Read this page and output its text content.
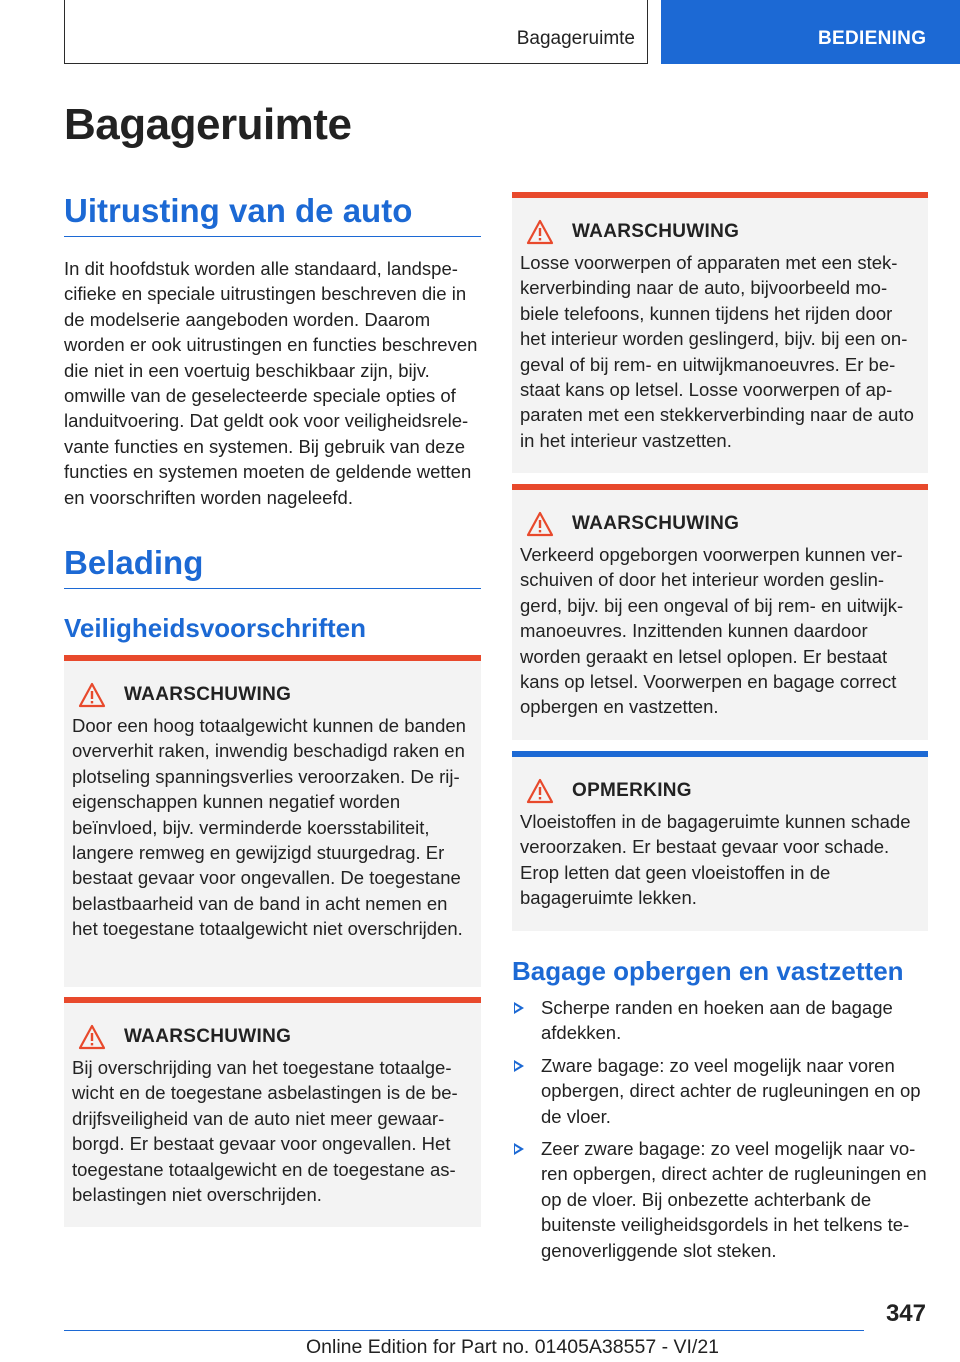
Bagageruimte	BEDIENING
Bagageruimte
Uitrusting van de auto

In dit hoofdstuk worden alle standaard, landspecifieke en speciale uitrustingen beschreven die in de modelserie aangeboden worden. Daarom worden er ook uitrustingen en functies beschreven die niet in een voertuig beschikbaar zijn, bijv. omwille van de geselecteerde speciale opties of landuitvoering. Dat geldt ook voor veiligheidsrelevante functies en systemen. Bij gebruik van deze functies en systemen moeten de geldende wetten en voorschriften worden nageleefd.

Belading
Veiligheidsvoorschriften
WAARSCHUWING

Door een hoog totaalgewicht kunnen de banden oververhit raken, inwendig beschadigd raken en plotseling spanningsverlies veroorzaken. De rij-eigenschappen kunnen negatief worden beïnvloed, bijv. verminderde koersstabiliteit, langere remweg en gewijzigd stuurgedrag. Er bestaat gevaar voor ongevallen. De toegestane belastbaarheid van de band in acht nemen en het toegestane totaalgewicht niet overschrijden.

WAARSCHUWING

Bij overschrijding van het toegestane totaalgewicht en de toegestane asbelastingen is de bedrijfsveiligheid van de auto niet meer gewaarborgd. Er bestaat gevaar voor ongevallen. Het toegestane totaalgewicht en de toegestane asbelastingen niet overschrijden.

WAARSCHUWING

Losse voorwerpen of apparaten met een stekkerverbinding naar de auto, bijvoorbeeld mobiele telefoons, kunnen tijdens het rijden door het interieur worden geslingerd, bijv. bij een ongeval of bij rem- en uitwijkmanoeuvres. Er bestaat kans op letsel. Losse voorwerpen of apparaten met een stekkerverbinding naar de auto in het interieur vastzetten.

WAARSCHUWING

Verkeerd opgeborgen voorwerpen kunnen verschuiven of door het interieur worden geslingerd, bijv. bij een ongeval of bij rem- en uitwijkmanoeuvres. Inzittenden kunnen daardoor worden geraakt en letsel oplopen. Er bestaat kans op letsel. Voorwerpen en bagage correct opbergen en vastzetten.

OPMERKING

Vloeistoffen in de bagageruimte kunnen schade veroorzaken. Er bestaat gevaar voor schade. Erop letten dat geen vloeistoffen in de bagageruimte lekken.

Bagage opbergen en vastzetten
Scherpe randen en hoeken aan de bagage afdekken.
Zware bagage: zo veel mogelijk naar voren opbergen, direct achter de rugleuningen en op de vloer.
Zeer zware bagage: zo veel mogelijk naar voren opbergen, direct achter de rugleuningen en op de vloer. Bij onbezette achterbank de buitenste veiligheidsgordels in het telkens tegenoverliggende slot steken.
347
Online Edition for Part no. 01405A38557 - VI/21
